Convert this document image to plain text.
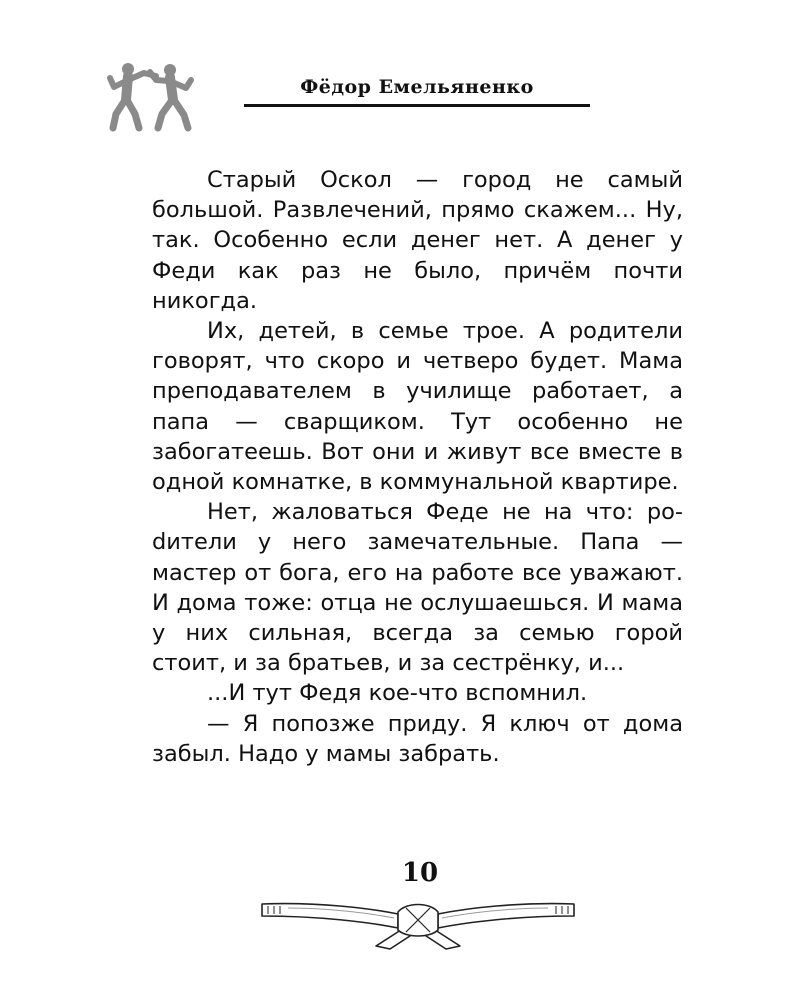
Фёдор Емельяненко

Старый Оскол — город не самый большой. Развлечений, прямо скажем... Ну, так. Особенно если денег нет. А денег у Феди как раз не было, причём почти никогда.

Их, детей, в семье трое. А родители говорят, что скоро и четверо будет. Мама преподавателем в училище работает, а папа — сварщиком. Тут особенно не забогатеешь. Вот они и живут все вместе в одной комнатке, в коммунальной квартире.

Нет, жаловаться Феде не на что: роdители у него замечательные. Папа — мастер от бога, его на работе все уважают. И дома тоже: отца не ослушаешься. И мама у них сильная, всегда за семью горой стоит, и за братьев, и за сестрёнку, и...

...И тут Федя кое-что вспомнил.

— Я попозже приду. Я ключ от дома забыл. Надо у мамы забрать.

10
